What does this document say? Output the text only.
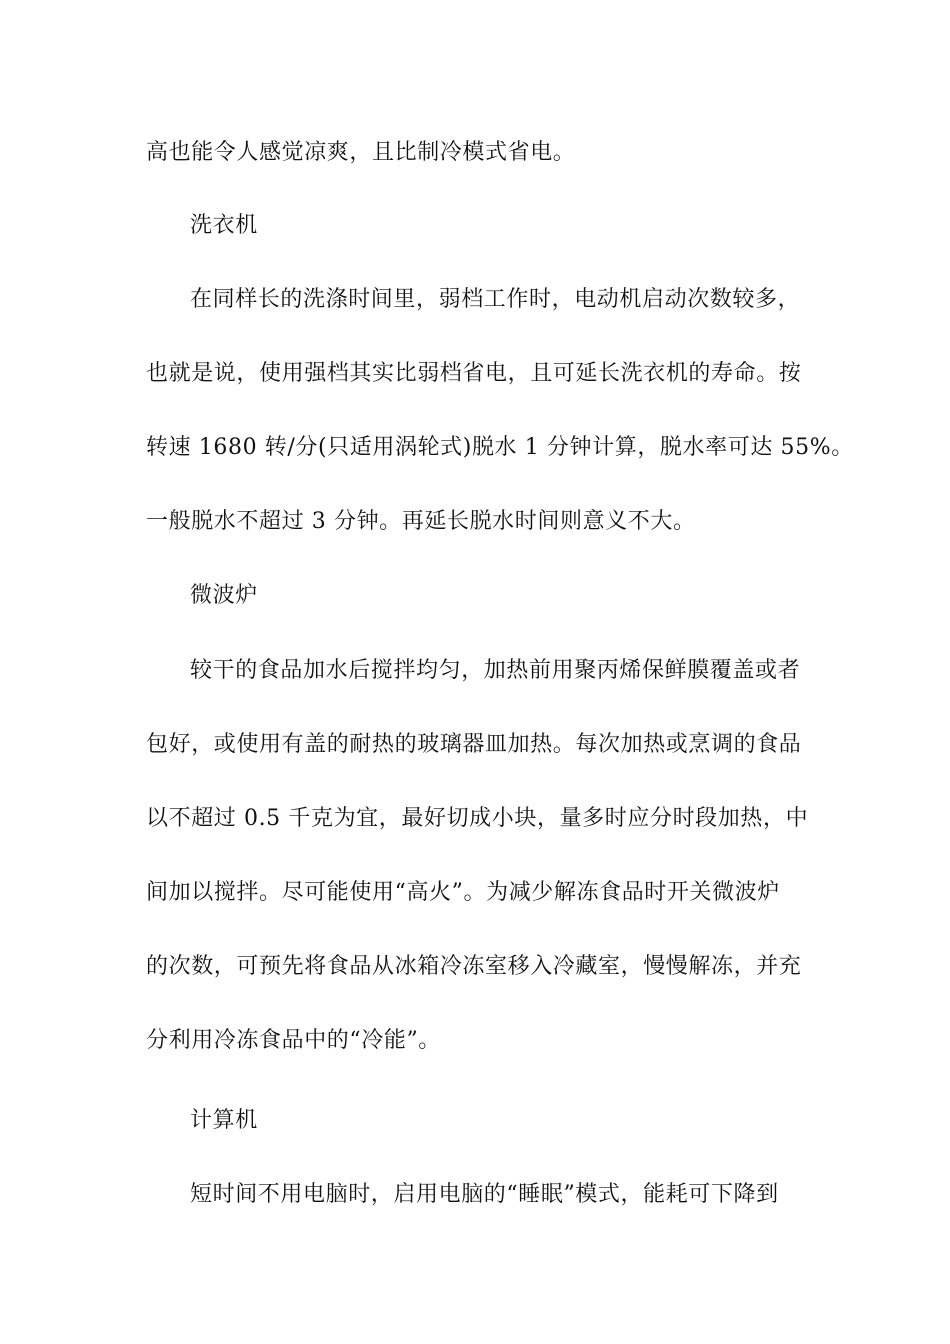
高也能令人感觉凉爽，且比制冷模式省电。
洗衣机
在同样长的洗涤时间里，弱档工作时，电动机启动次数较多，
也就是说，使用强档其实比弱档省电，且可延长洗衣机的寿命。按
转速 1680 转/分(只适用涡轮式)脱水 1 分钟计算，脱水率可达 55%。
一般脱水不超过 3 分钟。再延长脱水时间则意义不大。
微波炉
较干的食品加水后搅拌均匀，加热前用聚丙烯保鲜膜覆盖或者
包好，或使用有盖的耐热的玻璃器皿加热。每次加热或烹调的食品
以不超过 0.5 千克为宜，最好切成小块，量多时应分时段加热，中
间加以搅拌。尽可能使用“高火”。为减少解冻食品时开关微波炉
的次数，可预先将食品从冰箱冷冻室移入冷藏室，慢慢解冻，并充
分利用冷冻食品中的“冷能”。
计算机
短时间不用电脑时，启用电脑的“睡眠”模式，能耗可下降到
